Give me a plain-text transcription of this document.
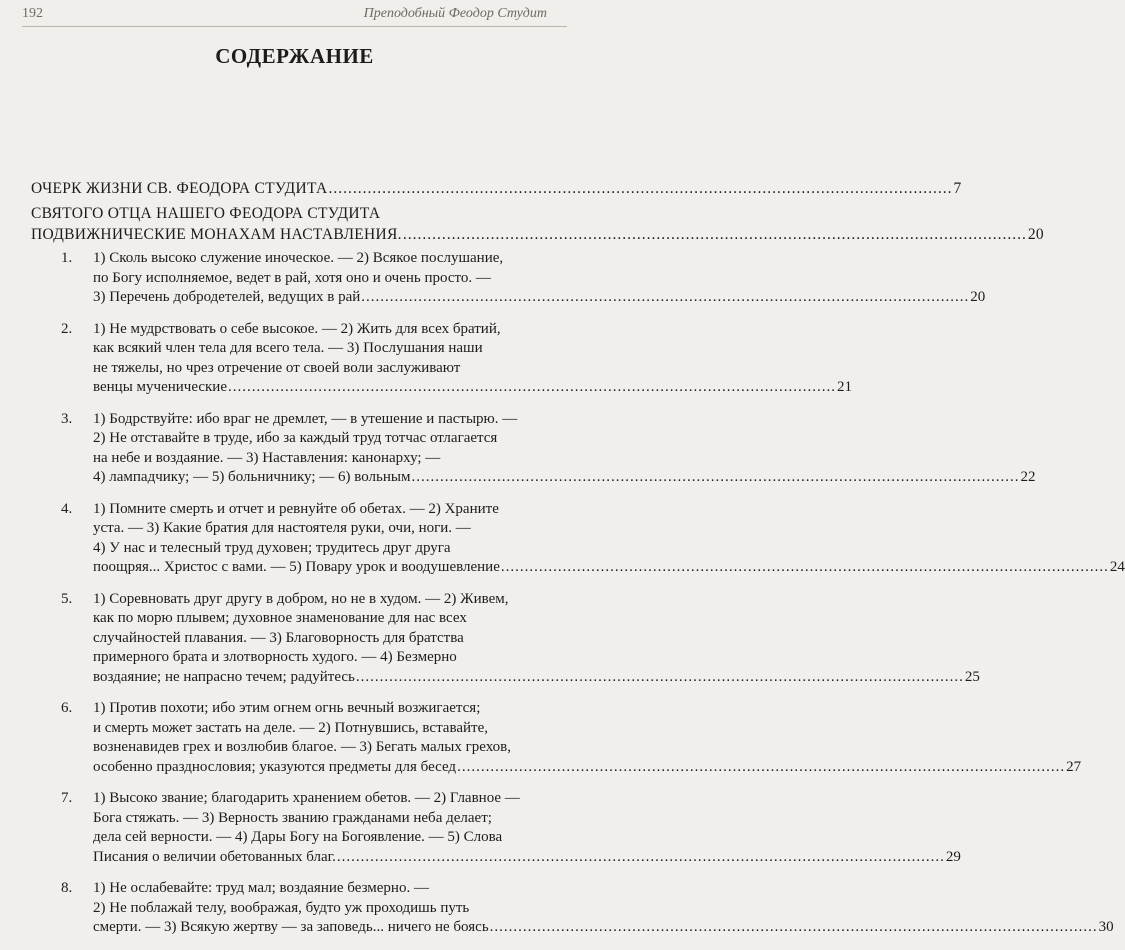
192	Преподобный Феодор Студит
СОДЕРЖАНИЕ
ОЧЕРК ЖИЗНИ СВ. ФЕОДОРА СТУДИТА ................................................................................................................................ 7
СВЯТОГО ОТЦА НАШЕГО ФЕОДОРА СТУДИТА
ПОДВИЖНИЧЕСКИЕ МОНАХАМ НАСТАВЛЕНИЯ. ................................................................................................................................ 20
1. 1) Сколь высоко служение иноческое. — 2) Всякое послушание,
по Богу исполняемое, ведет в рай, хотя оно и очень просто. —
3) Перечень добродетелей, ведущих в рай ................................................................................................................................ 20
2. 1) Не мудрствовать о себе высокое. — 2) Жить для всех братий,
как всякий член тела для всего тела. — 3) Послушания наши
не тяжелы, но чрез отречение от своей воли заслуживают
венцы мученические ................................................................................................................................ 21
3. 1) Бодрствуйте: ибо враг не дремлет, — в утешение и пастырю. —
2) Не отставайте в труде, ибо за каждый труд тотчас отлагается
на небе и воздаяние. — 3) Наставления: канонарху; —
4) лампадчику; — 5) больничнику; — 6) вольным ................................................................................................................................ 22
4. 1) Помните смерть и отчет и ревнуйте об обетах. — 2) Храните
уста. — 3) Какие братия для настоятеля руки, очи, ноги. —
4) У нас и телесный труд духовен; трудитесь друг друга
поощряя... Христос с вами. — 5) Повару урок и воодушевление ................................................................................................................................ 24
5. 1) Соревновать друг другу в добром, но не в худом. — 2) Живем,
как по морю плывем; духовное знаменование для нас всех
случайностей плавания. — 3) Благоворность для братства
примерного брата и злотворность худого. — 4) Безмерно
воздаяние; не напрасно течем; радуйтесь ................................................................................................................................ 25
6. 1) Против похоти; ибо этим огнем огнь вечный возжигается;
и смерть может застать на деле. — 2) Потнувшись, вставайте,
возненавидев грех и возлюбив благое. — 3) Бегать малых грехов,
особенно празднословия; указуются предметы для бесед ................................................................................................................................ 27
7. 1) Высоко звание; благодарить хранением обетов. — 2) Главное —
Бога стяжать. — 3) Верность званию гражданами неба делает;
дела сей верности. — 4) Дары Богу на Богоявление. — 5) Слова
Писания о величии обетованных благ. ................................................................................................................................ 29
8. 1) Не ослабевайте: труд мал; воздаяние безмерно. —
2) Не поблажай телу, воображая, будто уж проходишь путь
смерти. — 3) Всякую жертву — за заповедь... ничего не боясь ................................................................................................................................ 30
